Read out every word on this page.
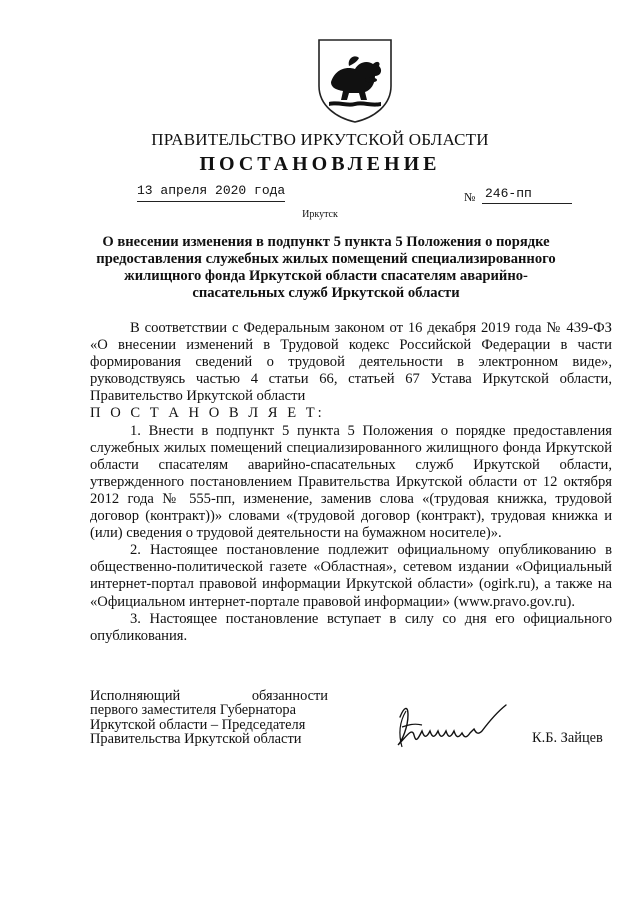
ПРАВИТЕЛЬСТВО ИРКУТСКОЙ ОБЛАСТИ
ПОСТАНОВЛЕНИЕ
13 апреля 2020 года	№ 246-пп
Иркутск
О внесении изменения в подпункт 5 пункта 5 Положения о порядке предоставления служебных жилых помещений специализированного жилищного фонда Иркутской области спасателям аварийно-спасательных служб Иркутской области

В соответствии с Федеральным законом от 16 декабря 2019 года № 439-ФЗ «О внесении изменений в Трудовой кодекс Российской Федерации в части формирования сведений о трудовой деятельности в электронном виде», руководствуясь частью 4 статьи 66, статьей 67 Устава Иркутской области, Правительство Иркутской области

П О С Т А Н О В Л Я Е Т:

1. Внести в подпункт 5 пункта 5 Положения о порядке предоставления служебных жилых помещений специализированного жилищного фонда Иркутской области спасателям аварийно-спасательных служб Иркутской области, утвержденного постановлением Правительства Иркутской области от 12 октября 2012 года № 555-пп, изменение, заменив слова «(трудовая книжка, трудовой договор (контракт))» словами «(трудовой договор (контракт), трудовая книжка и (или) сведения о трудовой деятельности на бумажном носителе)».

2. Настоящее постановление подлежит официальному опубликованию в общественно-политической газете «Областная», сетевом издании «Официальный интернет-портал правовой информации Иркутской области» (ogirk.ru), а также на «Официальном интернет-портале правовой информации» (www.pravo.gov.ru).

3. Настоящее постановление вступает в силу со дня его официального опубликования.

Исполняющий	обязанности
первого заместителя Губернатора
Иркутской области – Председателя
Правительства Иркутской области	К.Б. Зайцев
